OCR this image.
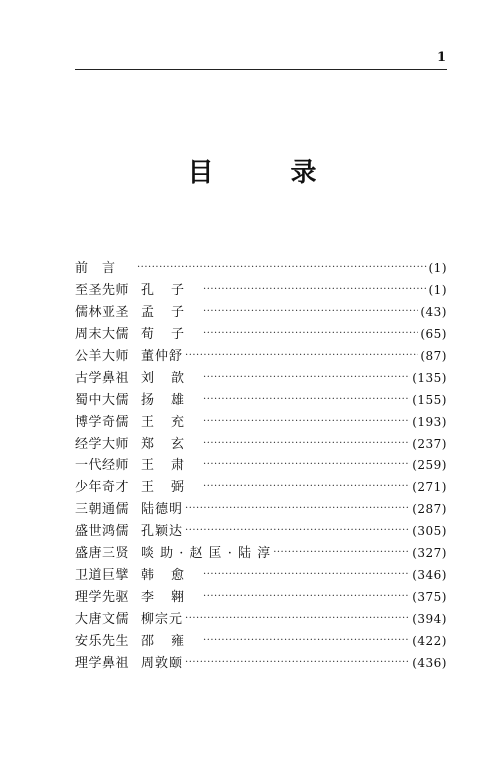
1
目 录
前言 ·····	(1)
至圣先师 孔子 ·····	(1)
儒林亚圣 孟子 ·····	(43)
周末大儒 荀子 ·····	(65)
公羊大师 董仲舒 ·····	(87)
古学鼻祖 刘歆 ·····	(135)
蜀中大儒 扬雄 ·····	(155)
博学奇儒 王充 ·····	(193)
经学大师 郑玄 ·····	(237)
一代经师 王肃 ·····	(259)
少年奇才 王弼 ·····	(271)
三朝通儒 陆德明 ·····	(287)
盛世鸿儒 孔颖达 ·····	(305)
盛唐三贤 啖 助 · 赵 匡 · 陆 淳 ·····	(327)
卫道巨擘 韩愈 ·····	(346)
理学先驱 李翱 ·····	(375)
大唐文儒 柳宗元 ·····	(394)
安乐先生 邵雍 ·····	(422)
理学鼻祖 周敦颐 ·····	(436)
